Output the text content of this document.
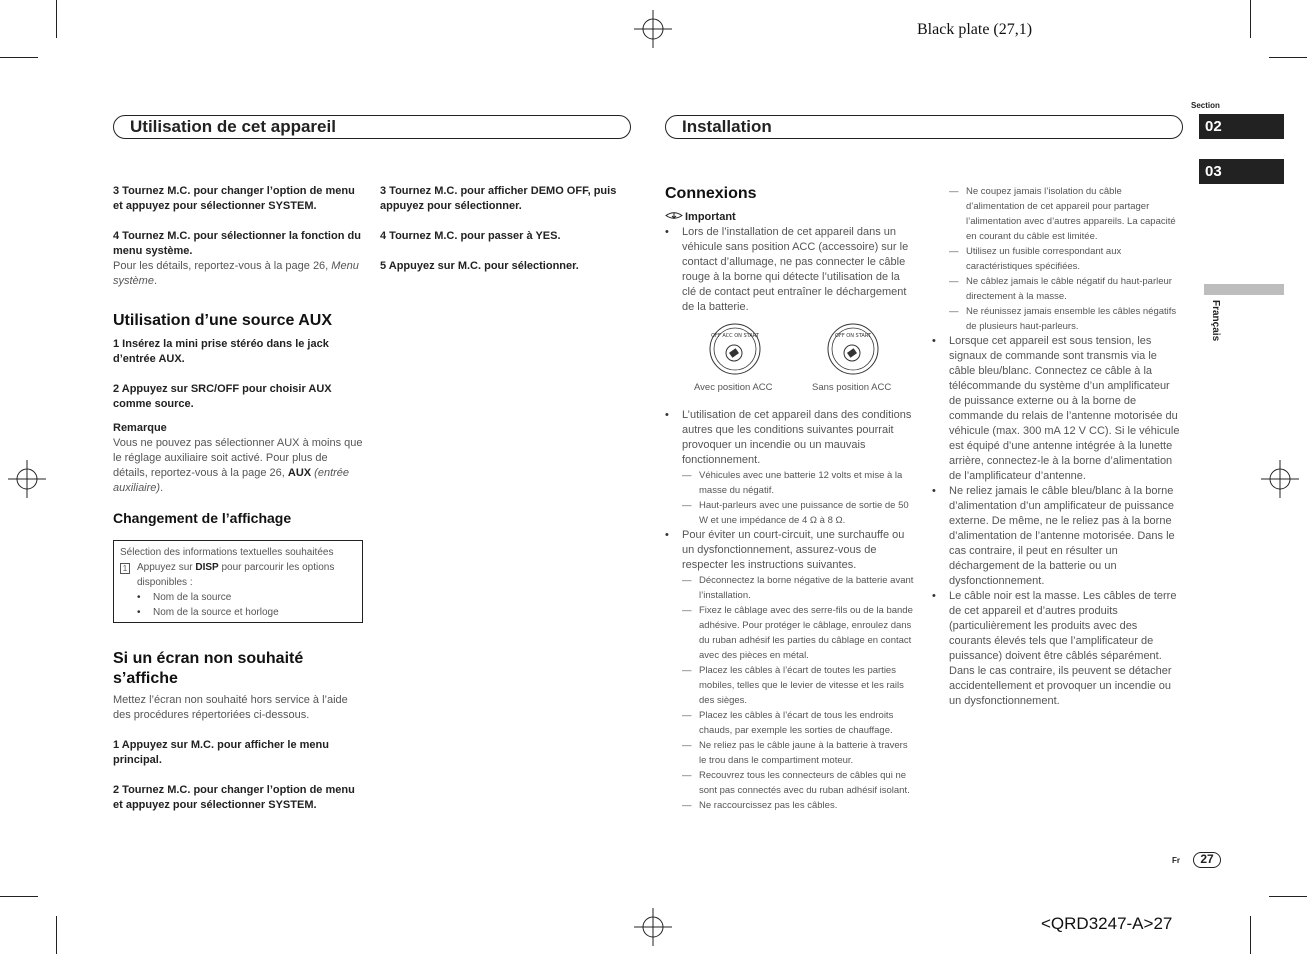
Black plate (27,1)
<QRD3247-A>27
Utilisation de cet appareil	Installation
Section
02
03
Français

3 Tournez M.C. pour changer l’option de menu et appuyez pour sélectionner SYSTEM.

4 Tournez M.C. pour sélectionner la fonction du menu système.

Pour les détails, reportez-vous à la page 26, Menu système.

Utilisation d’une source AUX

1 Insérez la mini prise stéréo dans le jack d’entrée AUX.

2 Appuyez sur SRC/OFF pour choisir AUX comme source.

Remarque

Vous ne pouvez pas sélectionner AUX à moins que le réglage auxiliaire soit activé. Pour plus de détails, reportez-vous à la page 26, AUX (entrée auxiliaire).

Changement de l’affichage

Sélection des informations textuelles souhaitées
1 Appuyez sur DISP pour parcourir les options disponibles :
• Nom de la source
• Nom de la source et horloge

Si un écran non souhaité s’affiche

Mettez l’écran non souhaité hors service à l’aide des procédures répertoriées ci-dessous.

1 Appuyez sur M.C. pour afficher le menu principal.

2 Tournez M.C. pour changer l’option de menu et appuyez pour sélectionner SYSTEM.

3 Tournez M.C. pour afficher DEMO OFF, puis appuyez pour sélectionner.

4 Tournez M.C. pour passer à YES.

5 Appuyez sur M.C. pour sélectionner.

Connexions

Important

• Lors de l’installation de cet appareil dans un véhicule sans position ACC (accessoire) sur le contact d’allumage, ne pas connecter le câble rouge à la borne qui détecte l’utilisation de la clé de contact peut entraîner le déchargement de la batterie.

OFF ACC ON START
Avec position ACC
OFF ON START
Sans position ACC

• L’utilisation de cet appareil dans des conditions autres que les conditions suivantes pourrait provoquer un incendie ou un mauvais fonctionnement.

— Véhicules avec une batterie 12 volts et mise à la masse du négatif.

— Haut-parleurs avec une puissance de sortie de 50 W et une impédance de 4 Ω à 8 Ω.

• Pour éviter un court-circuit, une surchauffe ou un dysfonctionnement, assurez-vous de respecter les instructions suivantes.

— Déconnectez la borne négative de la batterie avant l’installation.

— Fixez le câblage avec des serre-fils ou de la bande adhésive. Pour protéger le câblage, enroulez dans du ruban adhésif les parties du câblage en contact avec des pièces en métal.

— Placez les câbles à l’écart de toutes les parties mobiles, telles que le levier de vitesse et les rails des sièges.

— Placez les câbles à l’écart de tous les endroits chauds, par exemple les sorties de chauffage.

— Ne reliez pas le câble jaune à la batterie à travers le trou dans le compartiment moteur.

— Recouvrez tous les connecteurs de câbles qui ne sont pas connectés avec du ruban adhésif isolant.

— Ne raccourcissez pas les câbles.

— Ne coupez jamais l’isolation du câble d’alimentation de cet appareil pour partager l’alimentation avec d’autres appareils. La capacité en courant du câble est limitée.

— Utilisez un fusible correspondant aux caractéristiques spécifiées.

— Ne câblez jamais le câble négatif du haut-parleur directement à la masse.

— Ne réunissez jamais ensemble les câbles négatifs de plusieurs haut-parleurs.

• Lorsque cet appareil est sous tension, les signaux de commande sont transmis via le câble bleu/blanc. Connectez ce câble à la télécommande du système d’un amplificateur de puissance externe ou à la borne de commande du relais de l’antenne motorisée du véhicule (max. 300 mA 12 V CC). Si le véhicule est équipé d’une antenne intégrée à la lunette arrière, connectez-le à la borne d’alimentation de l’amplificateur d’antenne.

• Ne reliez jamais le câble bleu/blanc à la borne d’alimentation d’un amplificateur de puissance externe. De même, ne le reliez pas à la borne d’alimentation de l’antenne motorisée. Dans le cas contraire, il peut en résulter un déchargement de la batterie ou un dysfonctionnement.

• Le câble noir est la masse. Les câbles de terre de cet appareil et d’autres produits (particulièrement les produits avec des courants élevés tels que l’amplificateur de puissance) doivent être câblés séparément. Dans le cas contraire, ils peuvent se détacher accidentellement et provoquer un incendie ou un dysfonctionnement.

Fr	27
